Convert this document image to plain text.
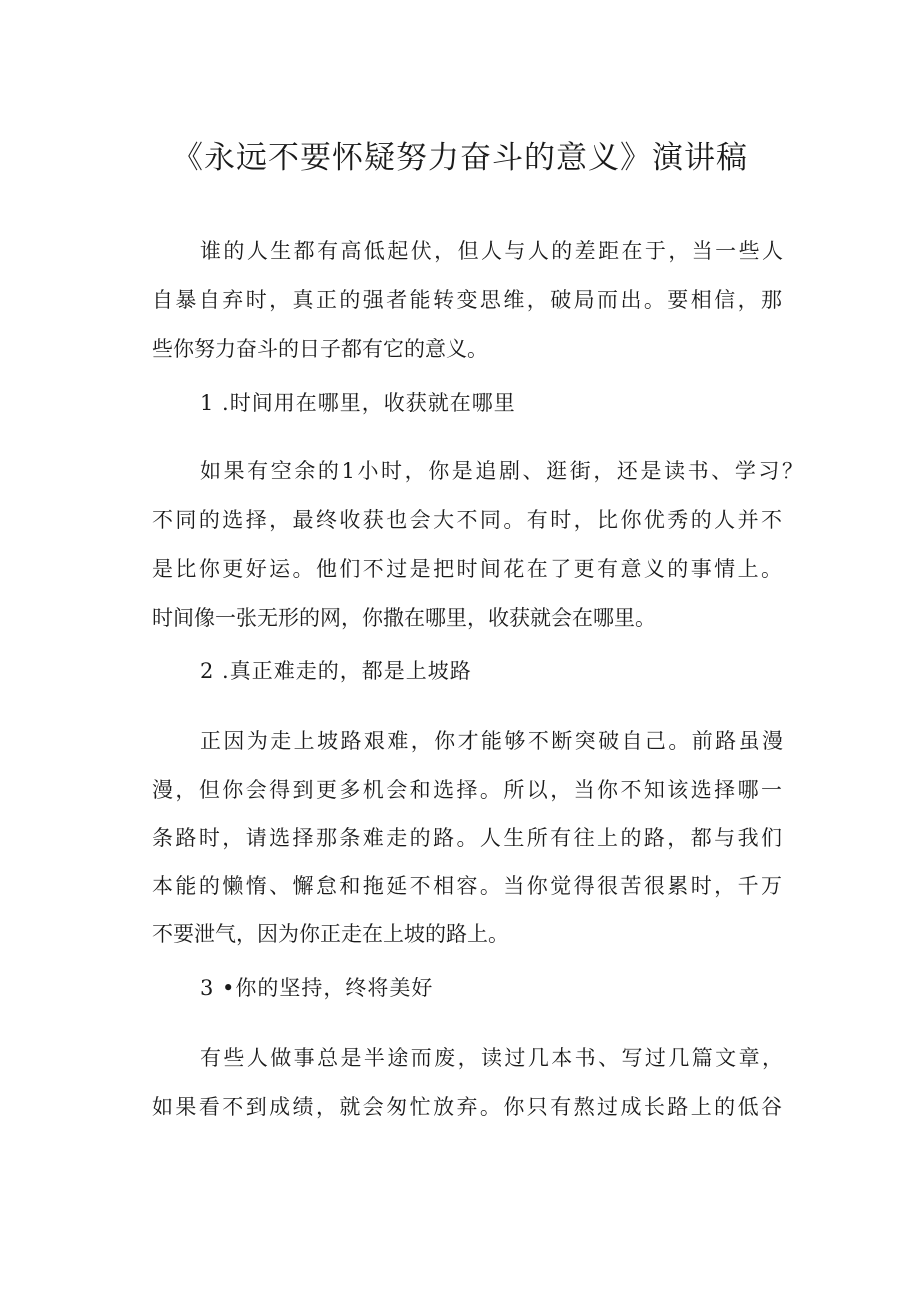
《永远不要怀疑努力奋斗的意义》演讲稿
谁的人生都有高低起伏，但人与人的差距在于，当一些人
自暴自弃时，真正的强者能转变思维，破局而出。要相信，那
些你努力奋斗的日子都有它的意义。
1 .时间用在哪里，收获就在哪里
如果有空余的1小时，你是追剧、逛街，还是读书、学习？
不同的选择，最终收获也会大不同。有时，比你优秀的人并不
是比你更好运。他们不过是把时间花在了更有意义的事情上。
时间像一张无形的网，你撒在哪里，收获就会在哪里。
2 .真正难走的，都是上坡路
正因为走上坡路艰难，你才能够不断突破自己。前路虽漫
漫，但你会得到更多机会和选择。所以，当你不知该选择哪一
条路时，请选择那条难走的路。人生所有往上的路，都与我们
本能的懒惰、懈怠和拖延不相容。当你觉得很苦很累时，千万
不要泄气，因为你正走在上坡的路上。
3 •你的坚持，终将美好
有些人做事总是半途而废，读过几本书、写过几篇文章，
如果看不到成绩，就会匆忙放弃。你只有熬过成长路上的低谷
